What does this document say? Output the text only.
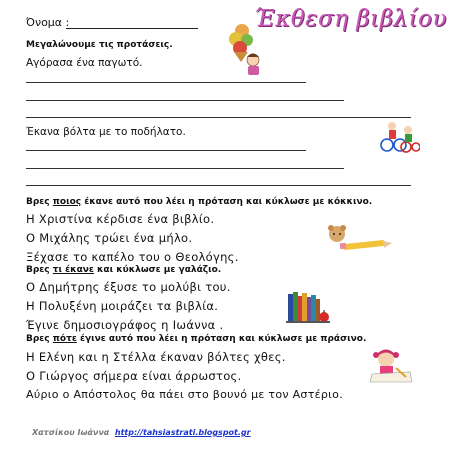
Όνομα :	Έκθεση βιβλίου
Μεγαλώνουμε τις προτάσεις.
Αγόρασα ένα παγωτό.
Έκανα βόλτα με το ποδήλατο.
Βρες ποιος έκανε αυτό που λέει η πρόταση και κύκλωσε με κόκκινο.
Η Χριστίνα κέρδισε ένα βιβλίο.
Ο Μιχάλης τρώει ένα μήλο.
Ξέχασε το καπέλο του ο Θεολόγης.
Βρες τι έκανε και κύκλωσε με γαλάζιο.
Ο Δημήτρης έξυσε το μολύβι του.
Η Πολυξένη μοιράζει τα βιβλία.
Έγινε δημοσιογράφος η Ιωάννα .
Βρες πότε έγινε αυτό που λέει η πρόταση και κύκλωσε με πράσινο.
Η Ελένη και η Στέλλα έκαναν βόλτες χθες.
Ο Γιώργος σήμερα είναι άρρωστος.
Αύριο ο Απόστολος θα πάει στο βουνό με τον Αστέριο.
Χατσίκου Ιωάννα http://tahsiastrati.blogspot.gr
